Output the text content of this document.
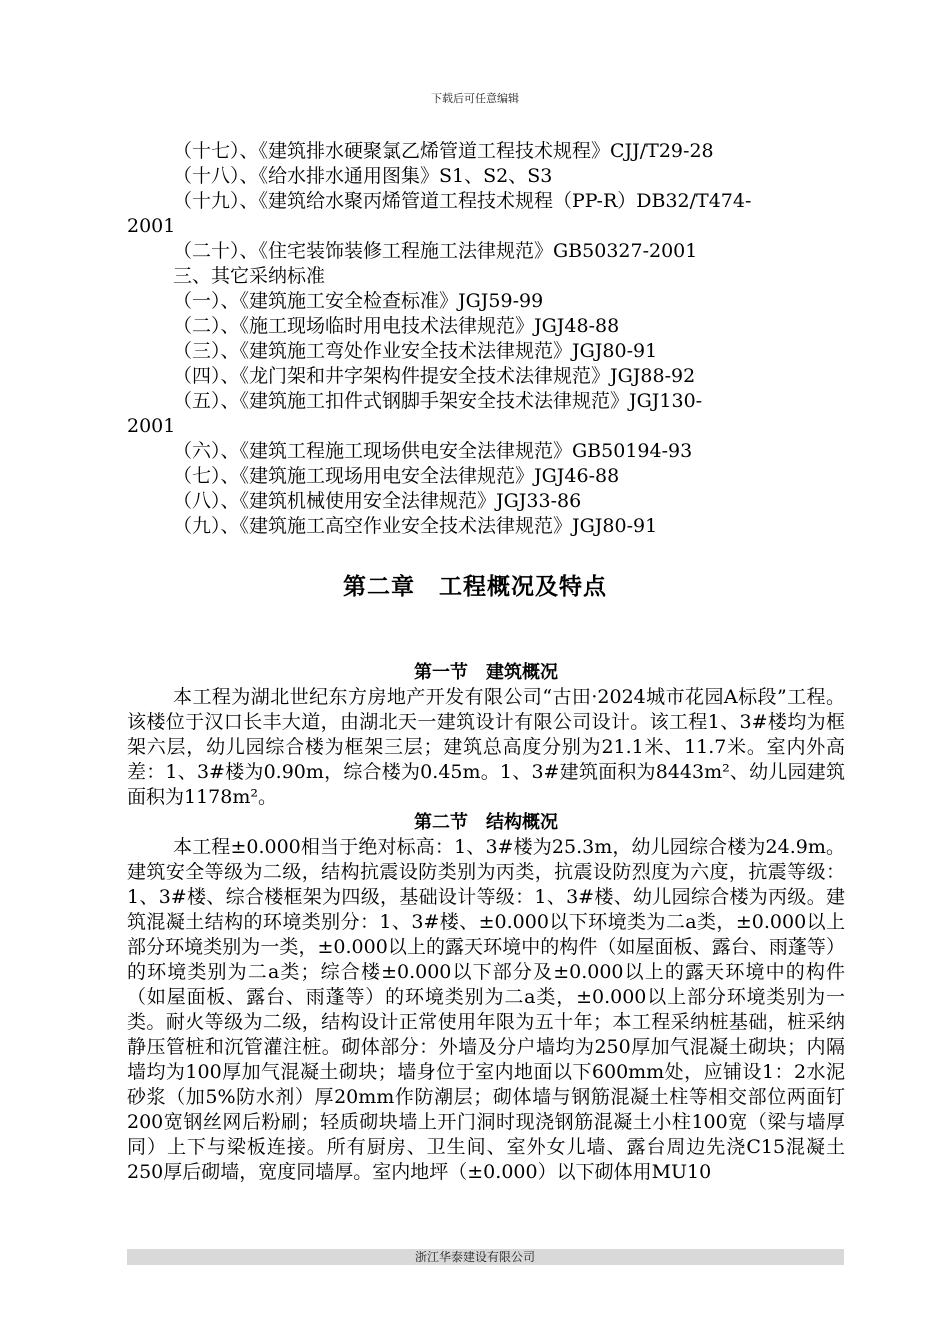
下载后可任意编辑
（十七）、《建筑排水硬聚氯乙烯管道工程技术规程》CJJ/T29-28
（十八）、《给水排水通用图集》S1、S2、S3
（十九）、《建筑给水聚丙烯管道工程技术规程（PP-R）DB32/T474-
2001
（二十）、《住宅装饰装修工程施工法律规范》GB50327-2001
三、其它采纳标准
（一）、《建筑施工安全检查标准》JGJ59-99
（二）、《施工现场临时用电技术法律规范》JGJ48-88
（三）、《建筑施工弯处作业安全技术法律规范》JGJ80-91
（四）、《龙门架和井字架构件提安全技术法律规范》JGJ88-92
（五）、《建筑施工扣件式钢脚手架安全技术法律规范》JGJ130-
2001
（六）、《建筑工程施工现场供电安全法律规范》GB50194-93
（七）、《建筑施工现场用电安全法律规范》JGJ46-88
（八）、《建筑机械使用安全法律规范》JGJ33-86
（九）、《建筑施工高空作业安全技术法律规范》JGJ80-91
第二章　工程概况及特点
第一节　建筑概况

本工程为湖北世纪东方房地产开发有限公司“古田·2024城市花园A标段”工程。该楼位于汉口长丰大道，由湖北天一建筑设计有限公司设计。该工程1、3#楼均为框架六层，幼儿园综合楼为框架三层；建筑总高度分别为21.1米、11.7米。室内外高差：1、3#楼为0.90m，综合楼为0.45m。1、3#建筑面积为8443m²、幼儿园建筑面积为1178m²。

第二节　结构概况

本工程±0.000相当于绝对标高：1、3#楼为25.3m，幼儿园综合楼为24.9m。建筑安全等级为二级，结构抗震设防类别为丙类，抗震设防烈度为六度，抗震等级：1、3#楼、综合楼框架为四级，基础设计等级：1、3#楼、幼儿园综合楼为丙级。建筑混凝土结构的环境类别分：1、3#楼、±0.000以下环境类为二a类，±0.000以上部分环境类别为一类，±0.000以上的露天环境中的构件（如屋面板、露台、雨蓬等）的环境类别为二a类；综合楼±0.000以下部分及±0.000以上的露天环境中的构件（如屋面板、露台、雨蓬等）的环境类别为二a类，±0.000以上部分环境类别为一类。耐火等级为二级，结构设计正常使用年限为五十年；本工程采纳桩基础，桩采纳静压管桩和沉管灌注桩。砌体部分：外墙及分户墙均为250厚加气混凝土砌块；内隔墙均为100厚加气混凝土砌块；墙身位于室内地面以下600mm处，应铺设1：2水泥砂浆（加5%防水剂）厚20mm作防潮层；砌体墙与钢筋混凝土柱等相交部位两面钉200宽钢丝网后粉刷；轻质砌块墙上开门洞时现浇钢筋混凝土小柱100宽（梁与墙厚同）上下与梁板连接。所有厨房、卫生间、室外女儿墙、露台周边先浇C15混凝土250厚后砌墙，宽度同墙厚。室内地坪（±0.000）以下砌体用MU10

浙江华泰建设有限公司
